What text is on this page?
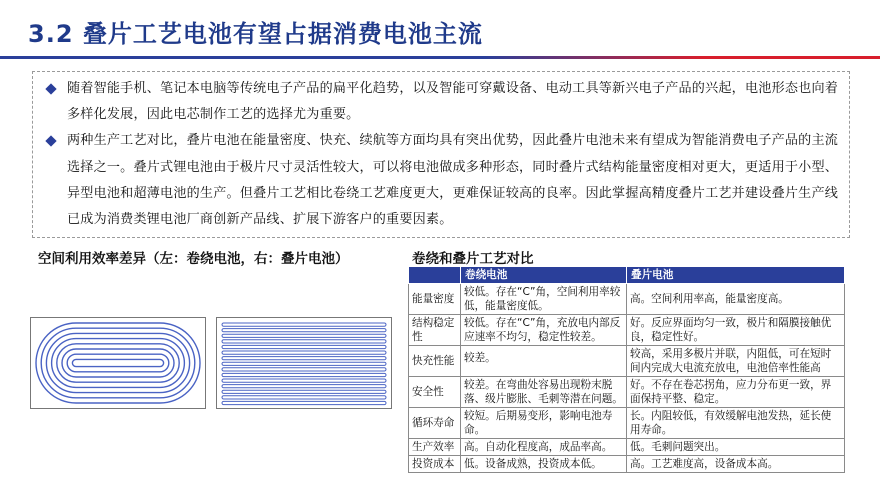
3.2 叠片工艺电池有望占据消费电池主流
随着智能手机、笔记本电脑等传统电子产品的扁平化趋势，以及智能可穿戴设备、电动工具等新兴电子产品的兴起，电池形态也向着多样化发展，因此电芯制作工艺的选择尤为重要。
两种生产工艺对比，叠片电池在能量密度、快充、续航等方面均具有突出优势，因此叠片电池未来有望成为智能消费电子产品的主流选择之一。叠片式锂电池由于极片尺寸灵活性较大，可以将电池做成多种形态，同时叠片式结构能量密度相对更大，更适用于小型、异型电池和超薄电池的生产。但叠片工艺相比卷绕工艺难度更大，更难保证较高的良率。因此掌握高精度叠片工艺并建设叠片生产线已成为消费类锂电池厂商创新产品线、扩展下游客户的重要因素。
空间利用效率差异（左：卷绕电池，右：叠片电池）	卷绕和叠片工艺对比
	卷绕电池	叠片电池
能量密度	较低。存在“C”角，空间利用率较低，能量密度低。	高。空间利用率高，能量密度高。
结构稳定性	较低。存在“C”角，充放电内部反应速率不均匀，稳定性较差。	好。反应界面均匀一致，极片和隔膜接触优良，稳定性好。
快充性能	较差。	较高，采用多极片并联，内阻低，可在短时间内完成大电流充放电，电池倍率性能高
安全性	较差。在弯曲处容易出现粉末脱落、级片膨胀、毛刺等潜在问题。	好。不存在卷芯拐角，应力分布更一致，界面保持平整、稳定。
循环寿命	较短。后期易变形，影响电池寿命。	长。内阻较低，有效缓解电池发热，延长使用寿命。
生产效率	高。自动化程度高，成品率高。	低。毛刺问题突出。
投资成本	低。设备成熟，投资成本低。	高。工艺难度高，设备成本高。
